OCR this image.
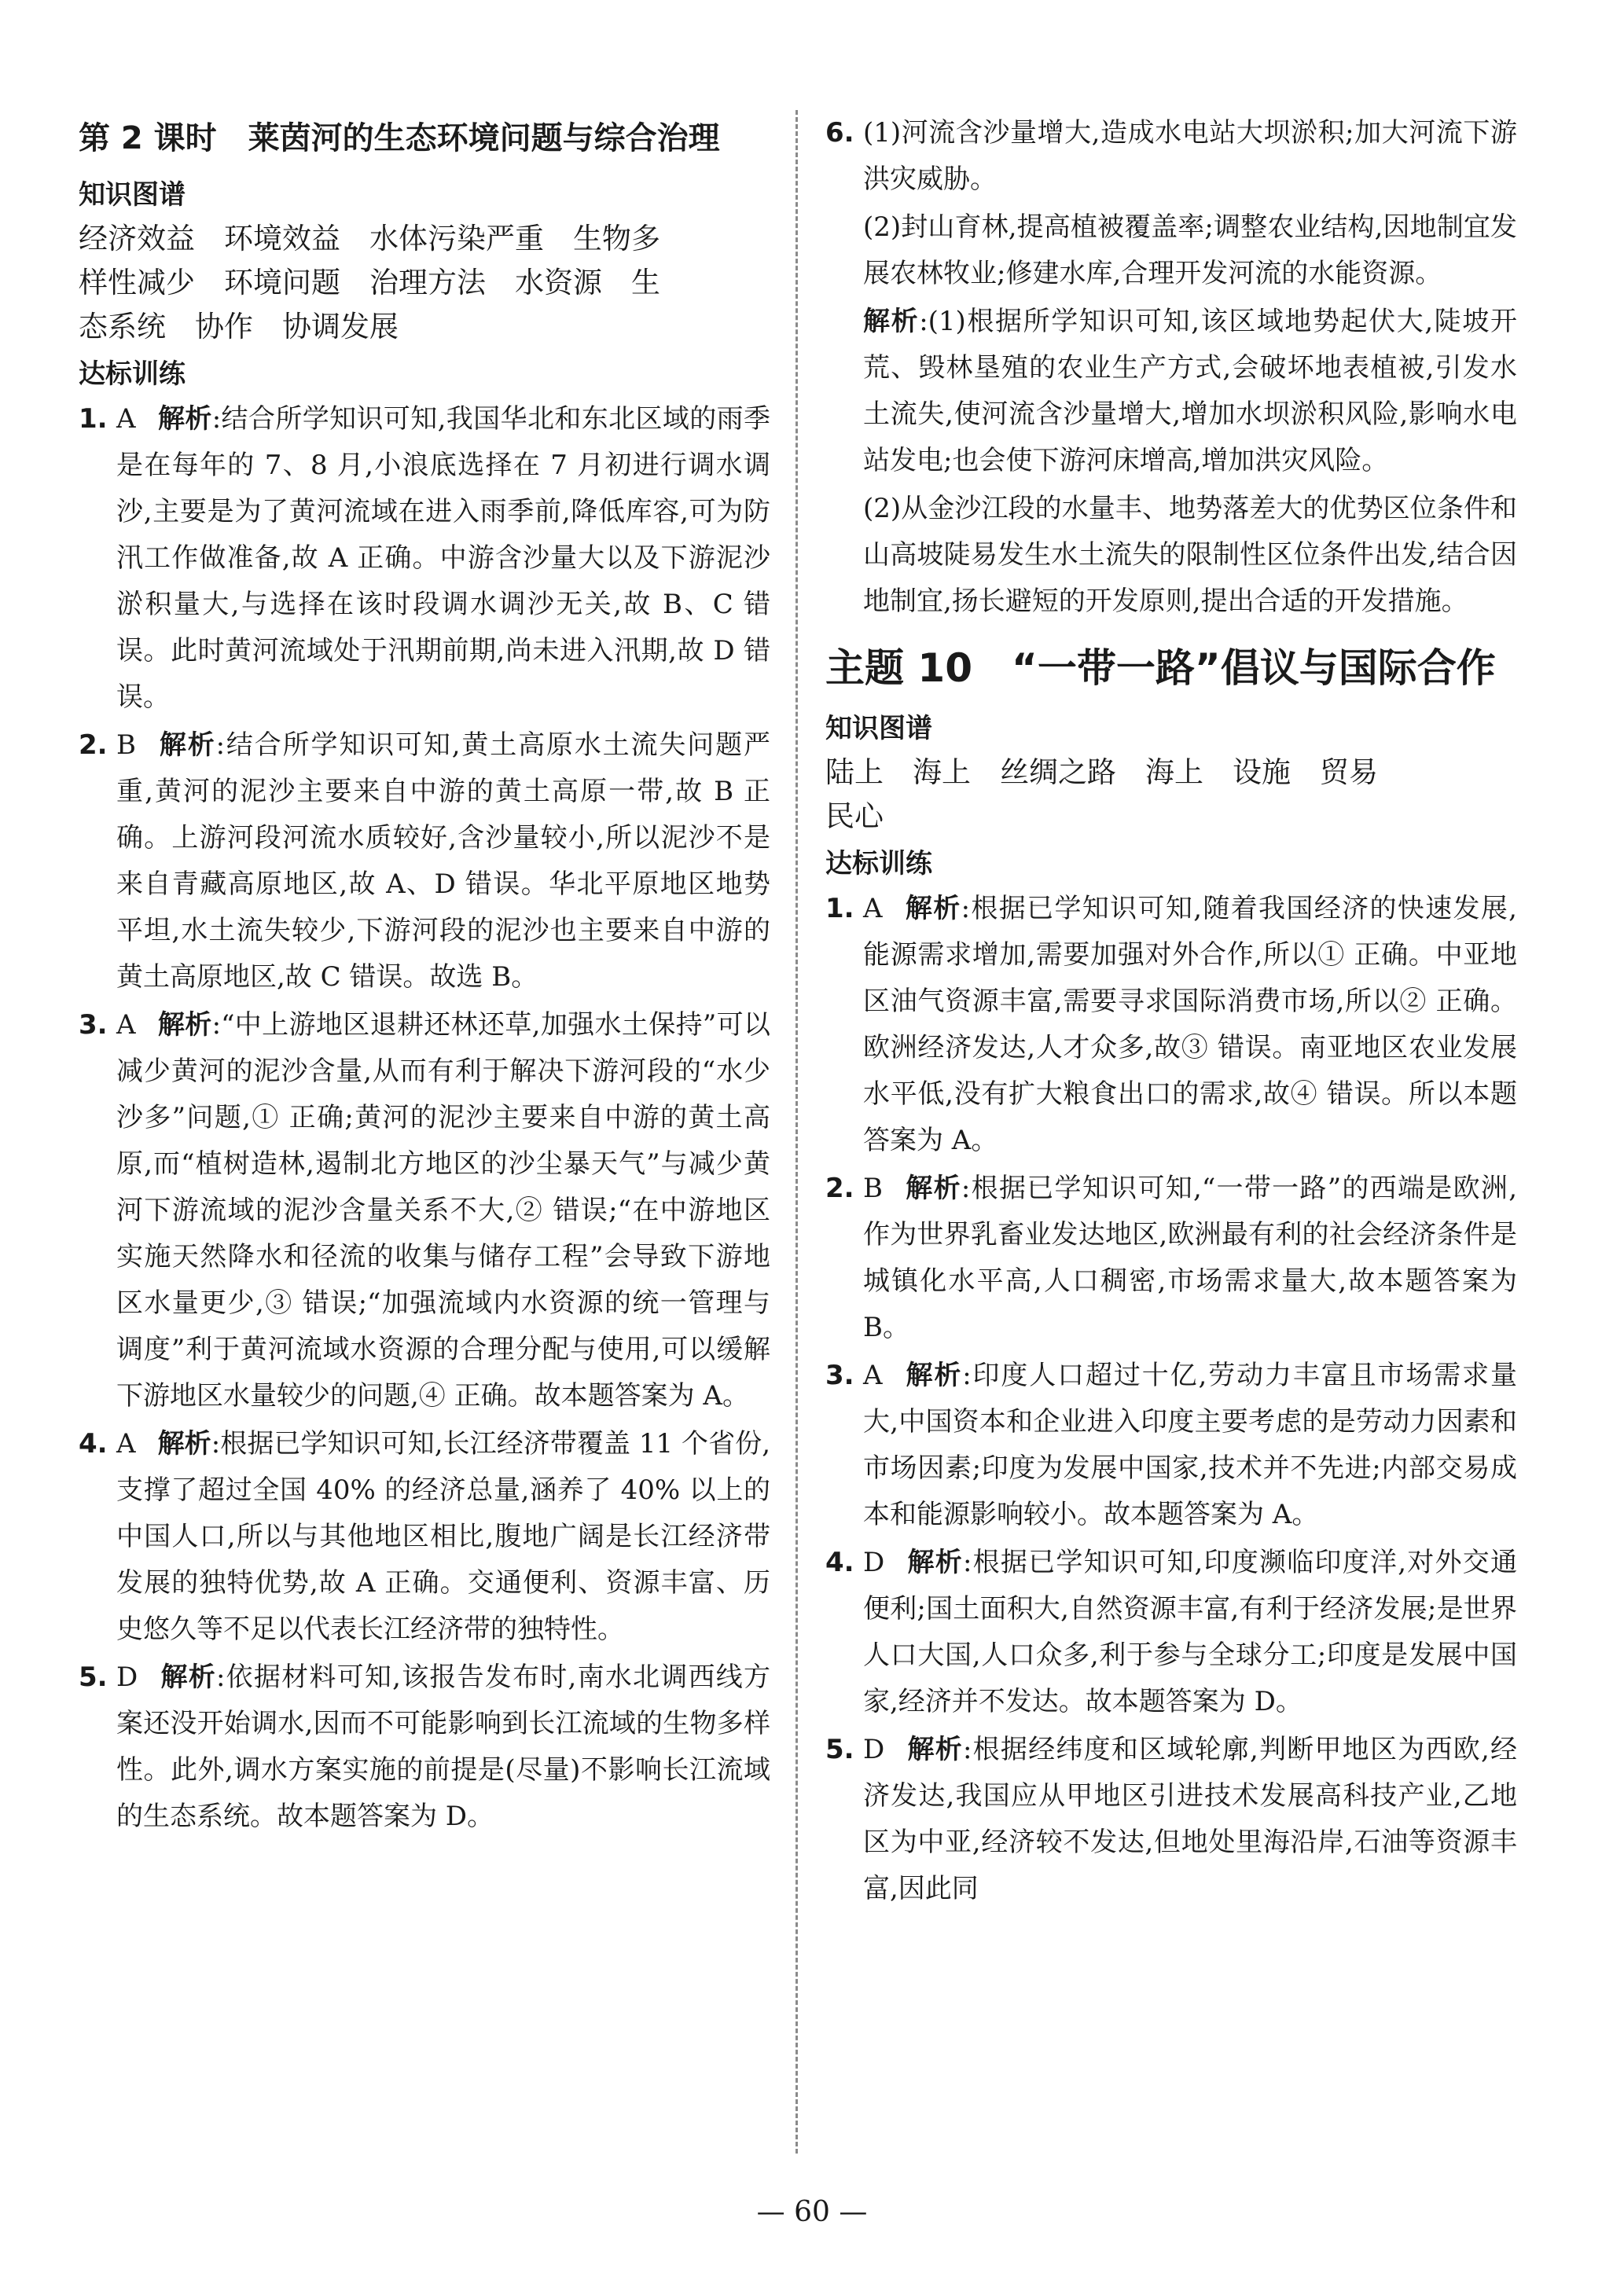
第 2 课时　莱茵河的生态环境问题与综合治理
知识图谱
经济效益　环境效益　水体污染严重　生物多
样性减少　环境问题　治理方法　水资源　生
态系统　协作　协调发展
达标训练
1. A 解析:结合所学知识可知,我国华北和东北区域的雨季是在每年的 7、8 月,小浪底选择在 7 月初进行调水调沙,主要是为了黄河流域在进入雨季前,降低库容,可为防汛工作做准备,故 A 正确。中游含沙量大以及下游泥沙淤积量大,与选择在该时段调水调沙无关,故 B、C 错误。此时黄河流域处于汛期前期,尚未进入汛期,故 D 错误。
2. B 解析:结合所学知识可知,黄土高原水土流失问题严重,黄河的泥沙主要来自中游的黄土高原一带,故 B 正确。上游河段河流水质较好,含沙量较小,所以泥沙不是来自青藏高原地区,故 A、D 错误。华北平原地区地势平坦,水土流失较少,下游河段的泥沙也主要来自中游的黄土高原地区,故 C 错误。故选 B。
3. A 解析:“中上游地区退耕还林还草,加强水土保持”可以减少黄河的泥沙含量,从而有利于解决下游河段的“水少沙多”问题,① 正确;黄河的泥沙主要来自中游的黄土高原,而“植树造林,遏制北方地区的沙尘暴天气”与减少黄河下游流域的泥沙含量关系不大,② 错误;“在中游地区实施天然降水和径流的收集与储存工程”会导致下游地区水量更少,③ 错误;“加强流域内水资源的统一管理与调度”利于黄河流域水资源的合理分配与使用,可以缓解下游地区水量较少的问题,④ 正确。故本题答案为 A。
4. A 解析:根据已学知识可知,长江经济带覆盖 11 个省份,支撑了超过全国 40% 的经济总量,涵养了 40% 以上的中国人口,所以与其他地区相比,腹地广阔是长江经济带发展的独特优势,故 A 正确。交通便利、资源丰富、历史悠久等不足以代表长江经济带的独特性。
5. D 解析:依据材料可知,该报告发布时,南水北调西线方案还没开始调水,因而不可能影响到长江流域的生物多样性。此外,调水方案实施的前提是(尽量)不影响长江流域的生态系统。故本题答案为 D。
6. (1)河流含沙量增大,造成水电站大坝淤积;加大河流下游洪灾威胁。
(2)封山育林,提高植被覆盖率;调整农业结构,因地制宜发展农林牧业;修建水库,合理开发河流的水能资源。
解析:(1)根据所学知识可知,该区域地势起伏大,陡坡开荒、毁林垦殖的农业生产方式,会破坏地表植被,引发水土流失,使河流含沙量增大,增加水坝淤积风险,影响水电站发电;也会使下游河床增高,增加洪灾风险。
(2)从金沙江段的水量丰、地势落差大的优势区位条件和山高坡陡易发生水土流失的限制性区位条件出发,结合因地制宜,扬长避短的开发原则,提出合适的开发措施。
主题 10　“一带一路”倡议与国际合作
知识图谱
陆上　海上　丝绸之路　海上　设施　贸易
民心
达标训练
1. A 解析:根据已学知识可知,随着我国经济的快速发展,能源需求增加,需要加强对外合作,所以① 正确。中亚地区油气资源丰富,需要寻求国际消费市场,所以② 正确。欧洲经济发达,人才众多,故③ 错误。南亚地区农业发展水平低,没有扩大粮食出口的需求,故④ 错误。所以本题答案为 A。
2. B 解析:根据已学知识可知,“一带一路”的西端是欧洲,作为世界乳畜业发达地区,欧洲最有利的社会经济条件是城镇化水平高,人口稠密,市场需求量大,故本题答案为 B。
3. A 解析:印度人口超过十亿,劳动力丰富且市场需求量大,中国资本和企业进入印度主要考虑的是劳动力因素和市场因素;印度为发展中国家,技术并不先进;内部交易成本和能源影响较小。故本题答案为 A。
4. D 解析:根据已学知识可知,印度濒临印度洋,对外交通便利;国土面积大,自然资源丰富,有利于经济发展;是世界人口大国,人口众多,利于参与全球分工;印度是发展中国家,经济并不发达。故本题答案为 D。
5. D 解析:根据经纬度和区域轮廓,判断甲地区为西欧,经济发达,我国应从甲地区引进技术发展高科技产业,乙地区为中亚,经济较不发达,但地处里海沿岸,石油等资源丰富,因此同
— 60 —
